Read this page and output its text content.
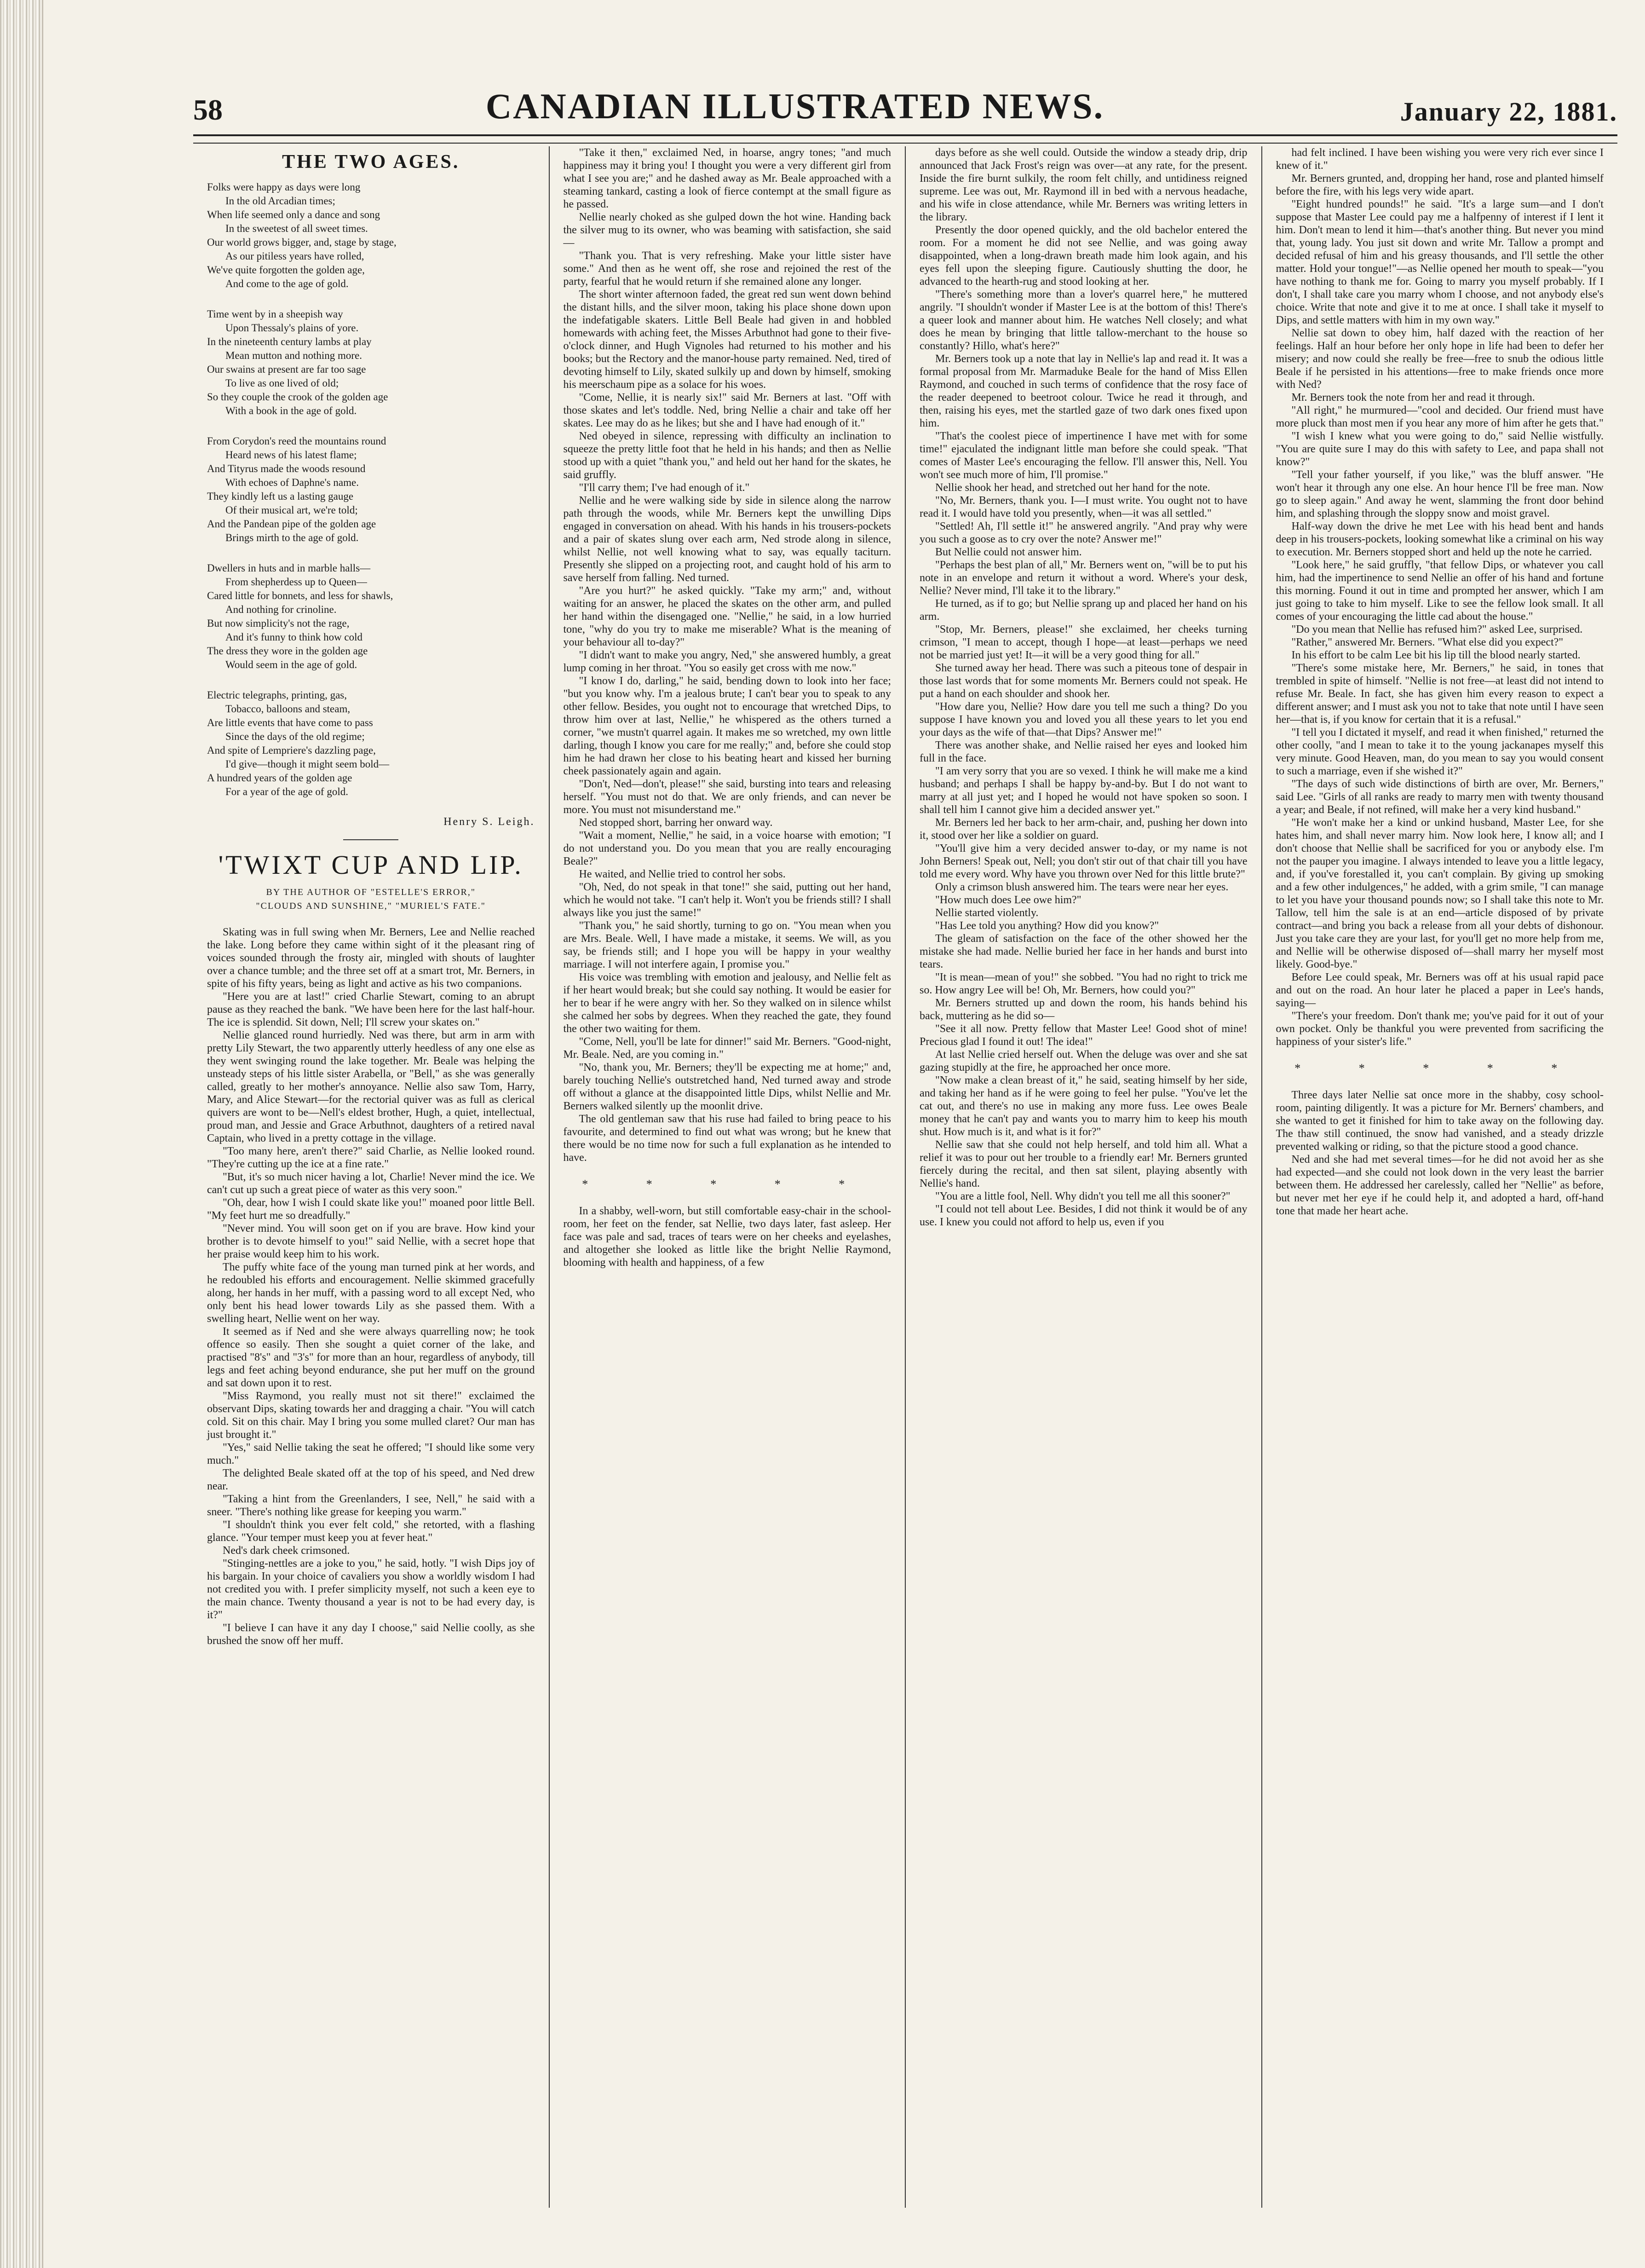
58	CANADIAN ILLUSTRATED NEWS.	January 22, 1881.
THE TWO AGES.
Folks were happy as days were long
In the old Arcadian times;
When life seemed only a dance and song
In the sweetest of all sweet times.
Our world grows bigger, and, stage by stage,
As our pitiless years have rolled,
We've quite forgotten the golden age,
And come to the age of gold.
Time went by in a sheepish way
Upon Thessaly's plains of yore.
In the nineteenth century lambs at play
Mean mutton and nothing more.
Our swains at present are far too sage
To live as one lived of old;
So they couple the crook of the golden age
With a book in the age of gold.
From Corydon's reed the mountains round
Heard news of his latest flame;
And Tityrus made the woods resound
With echoes of Daphne's name.
They kindly left us a lasting gauge
Of their musical art, we're told;
And the Pandean pipe of the golden age
Brings mirth to the age of gold.
Dwellers in huts and in marble halls—
From shepherdess up to Queen—
Cared little for bonnets, and less for shawls,
And nothing for crinoline.
But now simplicity's not the rage,
And it's funny to think how cold
The dress they wore in the golden age
Would seem in the age of gold.
Electric telegraphs, printing, gas,
Tobacco, balloons and steam,
Are little events that have come to pass
Since the days of the old regime;
And spite of Lempriere's dazzling page,
I'd give—though it might seem bold—
A hundred years of the golden age
For a year of the age of gold.
Henry S. Leigh.
'TWIXT CUP AND LIP.
BY THE AUTHOR OF "ESTELLE'S ERROR,"
"CLOUDS AND SUNSHINE," "MURIEL'S FATE."

Skating was in full swing when Mr. Berners, Lee and Nellie reached the lake. Long before they came within sight of it the pleasant ring of voices sounded through the frosty air, mingled with shouts of laughter over a chance tumble; and the three set off at a smart trot, Mr. Berners, in spite of his fifty years, being as light and active as his two companions.

"Here you are at last!" cried Charlie Stewart, coming to an abrupt pause as they reached the bank. "We have been here for the last half-hour. The ice is splendid. Sit down, Nell; I'll screw your skates on."

Nellie glanced round hurriedly. Ned was there, but arm in arm with pretty Lily Stewart, the two apparently utterly heedless of any one else as they went swinging round the lake together. Mr. Beale was helping the unsteady steps of his little sister Arabella, or "Bell," as she was generally called, greatly to her mother's annoyance. Nellie also saw Tom, Harry, Mary, and Alice Stewart—for the rectorial quiver was as full as clerical quivers are wont to be—Nell's eldest brother, Hugh, a quiet, intellectual, proud man, and Jessie and Grace Arbuthnot, daughters of a retired naval Captain, who lived in a pretty cottage in the village.

"Too many here, aren't there?" said Charlie, as Nellie looked round. "They're cutting up the ice at a fine rate."

"But, it's so much nicer having a lot, Charlie! Never mind the ice. We can't cut up such a great piece of water as this very soon."

"Oh, dear, how I wish I could skate like you!" moaned poor little Bell. "My feet hurt me so dreadfully."

"Never mind. You will soon get on if you are brave. How kind your brother is to devote himself to you!" said Nellie, with a secret hope that her praise would keep him to his work.

The puffy white face of the young man turned pink at her words, and he redoubled his efforts and encouragement. Nellie skimmed gracefully along, her hands in her muff, with a passing word to all except Ned, who only bent his head lower towards Lily as she passed them. With a swelling heart, Nellie went on her way.

It seemed as if Ned and she were always quarrelling now; he took offence so easily. Then she sought a quiet corner of the lake, and practised "8's" and "3's" for more than an hour, regardless of anybody, till legs and feet aching beyond endurance, she put her muff on the ground and sat down upon it to rest.

"Miss Raymond, you really must not sit there!" exclaimed the observant Dips, skating towards her and dragging a chair. "You will catch cold. Sit on this chair. May I bring you some mulled claret? Our man has just brought it."

"Yes," said Nellie taking the seat he offered; "I should like some very much."

The delighted Beale skated off at the top of his speed, and Ned drew near.

"Taking a hint from the Greenlanders, I see, Nell," he said with a sneer. "There's nothing like grease for keeping you warm."

"I shouldn't think you ever felt cold," she retorted, with a flashing glance. "Your temper must keep you at fever heat."

Ned's dark cheek crimsoned.

"Stinging-nettles are a joke to you," he said, hotly. "I wish Dips joy of his bargain. In your choice of cavaliers you show a worldly wisdom I had not credited you with. I prefer simplicity myself, not such a keen eye to the main chance. Twenty thousand a year is not to be had every day, is it?"

"I believe I can have it any day I choose," said Nellie coolly, as she brushed the snow off her muff.

"Take it then," exclaimed Ned, in hoarse, angry tones; "and much happiness may it bring you! I thought you were a very different girl from what I see you are;" and he dashed away as Mr. Beale approached with a steaming tankard, casting a look of fierce contempt at the small figure as he passed.

Nellie nearly choked as she gulped down the hot wine. Handing back the silver mug to its owner, who was beaming with satisfaction, she said—

"Thank you. That is very refreshing. Make your little sister have some." And then as he went off, she rose and rejoined the rest of the party, fearful that he would return if she remained alone any longer.

The short winter afternoon faded, the great red sun went down behind the distant hills, and the silver moon, taking his place shone down upon the indefatigable skaters. Little Bell Beale had given in and hobbled homewards with aching feet, the Misses Arbuthnot had gone to their five-o'clock dinner, and Hugh Vignoles had returned to his mother and his books; but the Rectory and the manor-house party remained. Ned, tired of devoting himself to Lily, skated sulkily up and down by himself, smoking his meerschaum pipe as a solace for his woes.

"Come, Nellie, it is nearly six!" said Mr. Berners at last. "Off with those skates and let's toddle. Ned, bring Nellie a chair and take off her skates. Lee may do as he likes; but she and I have had enough of it."

Ned obeyed in silence, repressing with difficulty an inclination to squeeze the pretty little foot that he held in his hands; and then as Nellie stood up with a quiet "thank you," and held out her hand for the skates, he said gruffly.

"I'll carry them; I've had enough of it."

Nellie and he were walking side by side in silence along the narrow path through the woods, while Mr. Berners kept the unwilling Dips engaged in conversation on ahead. With his hands in his trousers-pockets and a pair of skates slung over each arm, Ned strode along in silence, whilst Nellie, not well knowing what to say, was equally taciturn. Presently she slipped on a projecting root, and caught hold of his arm to save herself from falling. Ned turned.

"Are you hurt?" he asked quickly. "Take my arm;" and, without waiting for an answer, he placed the skates on the other arm, and pulled her hand within the disengaged one. "Nellie," he said, in a low hurried tone, "why do you try to make me miserable? What is the meaning of your behaviour all to-day?"

"I didn't want to make you angry, Ned," she answered humbly, a great lump coming in her throat. "You so easily get cross with me now."

"I know I do, darling," he said, bending down to look into her face; "but you know why. I'm a jealous brute; I can't bear you to speak to any other fellow. Besides, you ought not to encourage that wretched Dips, to throw him over at last, Nellie," he whispered as the others turned a corner, "we mustn't quarrel again. It makes me so wretched, my own little darling, though I know you care for me really;" and, before she could stop him he had drawn her close to his beating heart and kissed her burning cheek passionately again and again.

"Don't, Ned—don't, please!" she said, bursting into tears and releasing herself. "You must not do that. We are only friends, and can never be more. You must not misunderstand me."

Ned stopped short, barring her onward way.

"Wait a moment, Nellie," he said, in a voice hoarse with emotion; "I do not understand you. Do you mean that you are really encouraging Beale?"

He waited, and Nellie tried to control her sobs.

"Oh, Ned, do not speak in that tone!" she said, putting out her hand, which he would not take. "I can't help it. Won't you be friends still? I shall always like you just the same!"

"Thank you," he said shortly, turning to go on. "You mean when you are Mrs. Beale. Well, I have made a mistake, it seems. We will, as you say, be friends still; and I hope you will be happy in your wealthy marriage. I will not interfere again, I promise you."

His voice was trembling with emotion and jealousy, and Nellie felt as if her heart would break; but she could say nothing. It would be easier for her to bear if he were angry with her. So they walked on in silence whilst she calmed her sobs by degrees. When they reached the gate, they found the other two waiting for them.

"Come, Nell, you'll be late for dinner!" said Mr. Berners. "Good-night, Mr. Beale. Ned, are you coming in."

"No, thank you, Mr. Berners; they'll be expecting me at home;" and, barely touching Nellie's outstretched hand, Ned turned away and strode off without a glance at the disappointed little Dips, whilst Nellie and Mr. Berners walked silently up the moonlit drive.

The old gentleman saw that his ruse had failed to bring peace to his favourite, and determined to find out what was wrong; but he knew that there would be no time now for such a full explanation as he intended to have.

* * * * *

In a shabby, well-worn, but still comfortable easy-chair in the school-room, her feet on the fender, sat Nellie, two days later, fast asleep. Her face was pale and sad, traces of tears were on her cheeks and eyelashes, and altogether she looked as little like the bright Nellie Raymond, blooming with health and happiness, of a few

days before as she well could. Outside the window a steady drip, drip announced that Jack Frost's reign was over—at any rate, for the present. Inside the fire burnt sulkily, the room felt chilly, and untidiness reigned supreme. Lee was out, Mr. Raymond ill in bed with a nervous headache, and his wife in close attendance, while Mr. Berners was writing letters in the library.

Presently the door opened quickly, and the old bachelor entered the room. For a moment he did not see Nellie, and was going away disappointed, when a long-drawn breath made him look again, and his eyes fell upon the sleeping figure. Cautiously shutting the door, he advanced to the hearth-rug and stood looking at her.

"There's something more than a lover's quarrel here," he muttered angrily. "I shouldn't wonder if Master Lee is at the bottom of this! There's a queer look and manner about him. He watches Nell closely; and what does he mean by bringing that little tallow-merchant to the house so constantly? Hillo, what's here?"

Mr. Berners took up a note that lay in Nellie's lap and read it. It was a formal proposal from Mr. Marmaduke Beale for the hand of Miss Ellen Raymond, and couched in such terms of confidence that the rosy face of the reader deepened to beetroot colour. Twice he read it through, and then, raising his eyes, met the startled gaze of two dark ones fixed upon him.

"That's the coolest piece of impertinence I have met with for some time!" ejaculated the indignant little man before she could speak. "That comes of Master Lee's encouraging the fellow. I'll answer this, Nell. You won't see much more of him, I'll promise."

Nellie shook her head, and stretched out her hand for the note.

"No, Mr. Berners, thank you. I—I must write. You ought not to have read it. I would have told you presently, when—it was all settled."

"Settled! Ah, I'll settle it!" he answered angrily. "And pray why were you such a goose as to cry over the note? Answer me!"

But Nellie could not answer him.

"Perhaps the best plan of all," Mr. Berners went on, "will be to put his note in an envelope and return it without a word. Where's your desk, Nellie? Never mind, I'll take it to the library."

He turned, as if to go; but Nellie sprang up and placed her hand on his arm.

"Stop, Mr. Berners, please!" she exclaimed, her cheeks turning crimson, "I mean to accept, though I hope—at least—perhaps we need not be married just yet! It—it will be a very good thing for all."

She turned away her head. There was such a piteous tone of despair in those last words that for some moments Mr. Berners could not speak. He put a hand on each shoulder and shook her.

"How dare you, Nellie? How dare you tell me such a thing? Do you suppose I have known you and loved you all these years to let you end your days as the wife of that—that Dips? Answer me!"

There was another shake, and Nellie raised her eyes and looked him full in the face.

"I am very sorry that you are so vexed. I think he will make me a kind husband; and perhaps I shall be happy by-and-by. But I do not want to marry at all just yet; and I hoped he would not have spoken so soon. I shall tell him I cannot give him a decided answer yet."

Mr. Berners led her back to her arm-chair, and, pushing her down into it, stood over her like a soldier on guard.

"You'll give him a very decided answer to-day, or my name is not John Berners! Speak out, Nell; you don't stir out of that chair till you have told me every word. Why have you thrown over Ned for this little brute?"

Only a crimson blush answered him. The tears were near her eyes.

"How much does Lee owe him?"

Nellie started violently.

"Has Lee told you anything? How did you know?"

The gleam of satisfaction on the face of the other showed her the mistake she had made. Nellie buried her face in her hands and burst into tears.

"It is mean—mean of you!" she sobbed. "You had no right to trick me so. How angry Lee will be! Oh, Mr. Berners, how could you?"

Mr. Berners strutted up and down the room, his hands behind his back, muttering as he did so—

"See it all now. Pretty fellow that Master Lee! Good shot of mine! Precious glad I found it out! The idea!"

At last Nellie cried herself out. When the deluge was over and she sat gazing stupidly at the fire, he approached her once more.

"Now make a clean breast of it," he said, seating himself by her side, and taking her hand as if he were going to feel her pulse. "You've let the cat out, and there's no use in making any more fuss. Lee owes Beale money that he can't pay and wants you to marry him to keep his mouth shut. How much is it, and what is it for?"

Nellie saw that she could not help herself, and told him all. What a relief it was to pour out her trouble to a friendly ear! Mr. Berners grunted fiercely during the recital, and then sat silent, playing absently with Nellie's hand.

"You are a little fool, Nell. Why didn't you tell me all this sooner?"

"I could not tell about Lee. Besides, I did not think it would be of any use. I knew you could not afford to help us, even if you

had felt inclined. I have been wishing you were very rich ever since I knew of it."

Mr. Berners grunted, and, dropping her hand, rose and planted himself before the fire, with his legs very wide apart.

"Eight hundred pounds!" he said. "It's a large sum—and I don't suppose that Master Lee could pay me a halfpenny of interest if I lent it him. Don't mean to lend it him—that's another thing. But never you mind that, young lady. You just sit down and write Mr. Tallow a prompt and decided refusal of him and his greasy thousands, and I'll settle the other matter. Hold your tongue!"—as Nellie opened her mouth to speak—"you have nothing to thank me for. Going to marry you myself probably. If I don't, I shall take care you marry whom I choose, and not anybody else's choice. Write that note and give it to me at once. I shall take it myself to Dips, and settle matters with him in my own way."

Nellie sat down to obey him, half dazed with the reaction of her feelings. Half an hour before her only hope in life had been to defer her misery; and now could she really be free—free to snub the odious little Beale if he persisted in his attentions—free to make friends once more with Ned?

Mr. Berners took the note from her and read it through.

"All right," he murmured—"cool and decided. Our friend must have more pluck than most men if you hear any more of him after he gets that."

"I wish I knew what you were going to do," said Nellie wistfully. "You are quite sure I may do this with safety to Lee, and papa shall not know?"

"Tell your father yourself, if you like," was the bluff answer. "He won't hear it through any one else. An hour hence I'll be free man. Now go to sleep again." And away he went, slamming the front door behind him, and splashing through the sloppy snow and moist gravel.

Half-way down the drive he met Lee with his head bent and hands deep in his trousers-pockets, looking somewhat like a criminal on his way to execution. Mr. Berners stopped short and held up the note he carried.

"Look here," he said gruffly, "that fellow Dips, or whatever you call him, had the impertinence to send Nellie an offer of his hand and fortune this morning. Found it out in time and prompted her answer, which I am just going to take to him myself. Like to see the fellow look small. It all comes of your encouraging the little cad about the house."

"Do you mean that Nellie has refused him?" asked Lee, surprised.

"Rather," answered Mr. Berners. "What else did you expect?"

In his effort to be calm Lee bit his lip till the blood nearly started.

"There's some mistake here, Mr. Berners," he said, in tones that trembled in spite of himself. "Nellie is not free—at least did not intend to refuse Mr. Beale. In fact, she has given him every reason to expect a different answer; and I must ask you not to take that note until I have seen her—that is, if you know for certain that it is a refusal."

"I tell you I dictated it myself, and read it when finished," returned the other coolly, "and I mean to take it to the young jackanapes myself this very minute. Good Heaven, man, do you mean to say you would consent to such a marriage, even if she wished it?"

"The days of such wide distinctions of birth are over, Mr. Berners," said Lee. "Girls of all ranks are ready to marry men with twenty thousand a year; and Beale, if not refined, will make her a very kind husband."

"He won't make her a kind or unkind husband, Master Lee, for she hates him, and shall never marry him. Now look here, I know all; and I don't choose that Nellie shall be sacrificed for you or anybody else. I'm not the pauper you imagine. I always intended to leave you a little legacy, and, if you've forestalled it, you can't complain. By giving up smoking and a few other indulgences," he added, with a grim smile, "I can manage to let you have your thousand pounds now; so I shall take this note to Mr. Tallow, tell him the sale is at an end—article disposed of by private contract—and bring you back a release from all your debts of dishonour. Just you take care they are your last, for you'll get no more help from me, and Nellie will be otherwise disposed of—shall marry her myself most likely. Good-bye."

Before Lee could speak, Mr. Berners was off at his usual rapid pace and out on the road. An hour later he placed a paper in Lee's hands, saying—

"There's your freedom. Don't thank me; you've paid for it out of your own pocket. Only be thankful you were prevented from sacrificing the happiness of your sister's life."

* * * * *

Three days later Nellie sat once more in the shabby, cosy school-room, painting diligently. It was a picture for Mr. Berners' chambers, and she wanted to get it finished for him to take away on the following day. The thaw still continued, the snow had vanished, and a steady drizzle prevented walking or riding, so that the picture stood a good chance.

Ned and she had met several times—for he did not avoid her as she had expected—and she could not look down in the very least the barrier between them. He addressed her carelessly, called her "Nellie" as before, but never met her eye if he could help it, and adopted a hard, off-hand tone that made her heart ache.
